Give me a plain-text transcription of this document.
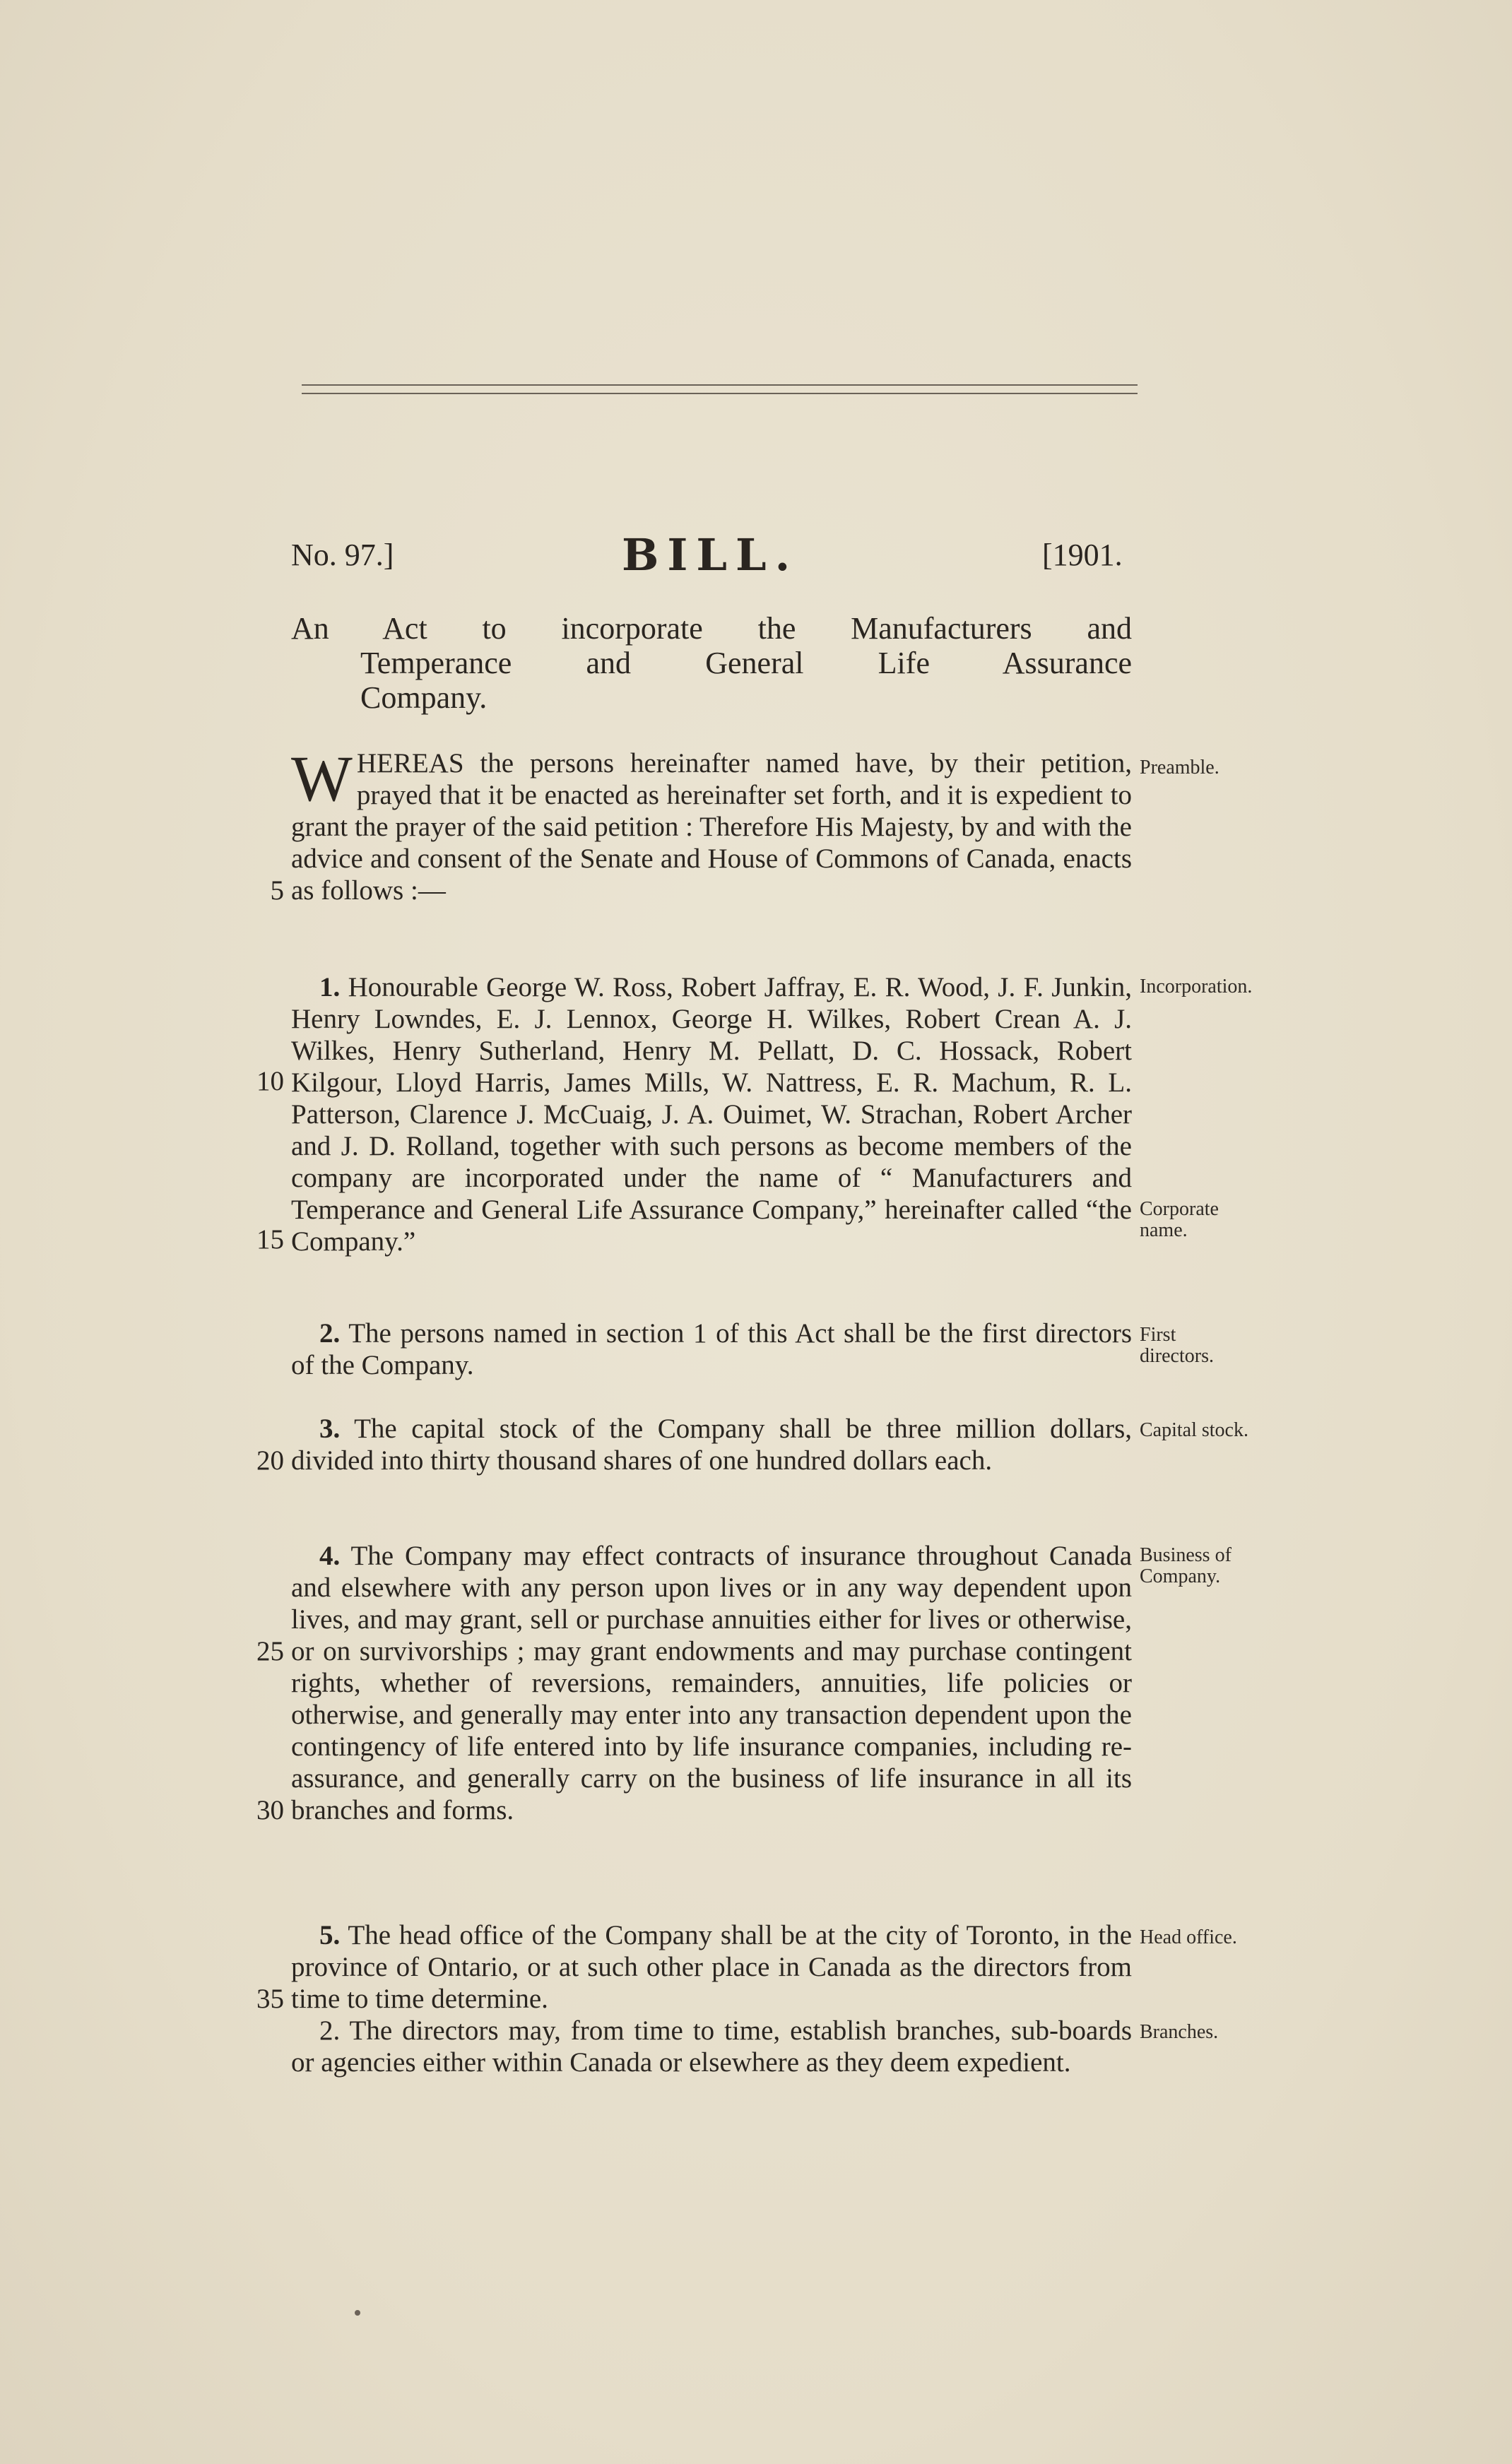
No. 97.]	BILL.	[1901.
An Act to incorporate the Manufacturers and
Temperance and General Life Assurance
Company.
WHEREAS the persons hereinafter named have, by their petition, prayed that it be enacted as hereinafter set forth, and it is expedient to grant the prayer of the said petition : Therefore His Majesty, by and with the advice and consent of the Senate and House of Commons of Canada, enacts as follows :—
Preamble.
1. Honourable George W. Ross, Robert Jaffray, E. R. Wood, J. F. Junkin, Henry Lowndes, E. J. Lennox, George H. Wilkes, Robert Crean A. J. Wilkes, Henry Sutherland, Henry M. Pellatt, D. C. Hossack, Robert Kilgour, Lloyd Harris, James Mills, W. Nattress, E. R. Machum, R. L. Patterson, Clarence J. McCuaig, J. A. Ouimet, W. Strachan, Robert Archer and J. D. Rolland, together with such persons as become members of the company are incorporated under the name of “ Manufacturers and Temperance and General Life Assurance Company,” hereinafter called “the Company.”
Incorporation.
Corporate name.
2. The persons named in section 1 of this Act shall be the first directors of the Company.
First directors.
3. The capital stock of the Company shall be three million dollars, divided into thirty thousand shares of one hundred dollars each.
Capital stock.
4. The Company may effect contracts of insurance throughout Canada and elsewhere with any person upon lives or in any way dependent upon lives, and may grant, sell or purchase annuities either for lives or otherwise, or on survivorships ; may grant endowments and may purchase contingent rights, whether of reversions, remainders, annuities, life policies or otherwise, and generally may enter into any transaction dependent upon the contingency of life entered into by life insurance companies, including re-assurance, and generally carry on the business of life insurance in all its branches and forms.
Business of Company.
5. The head office of the Company shall be at the city of Toronto, in the province of Ontario, or at such other place in Canada as the directors from time to time determine.
Head office.
2. The directors may, from time to time, establish branches, sub-boards or agencies either within Canada or elsewhere as they deem expedient.
Branches.
5
10
15
20
25
30
35
